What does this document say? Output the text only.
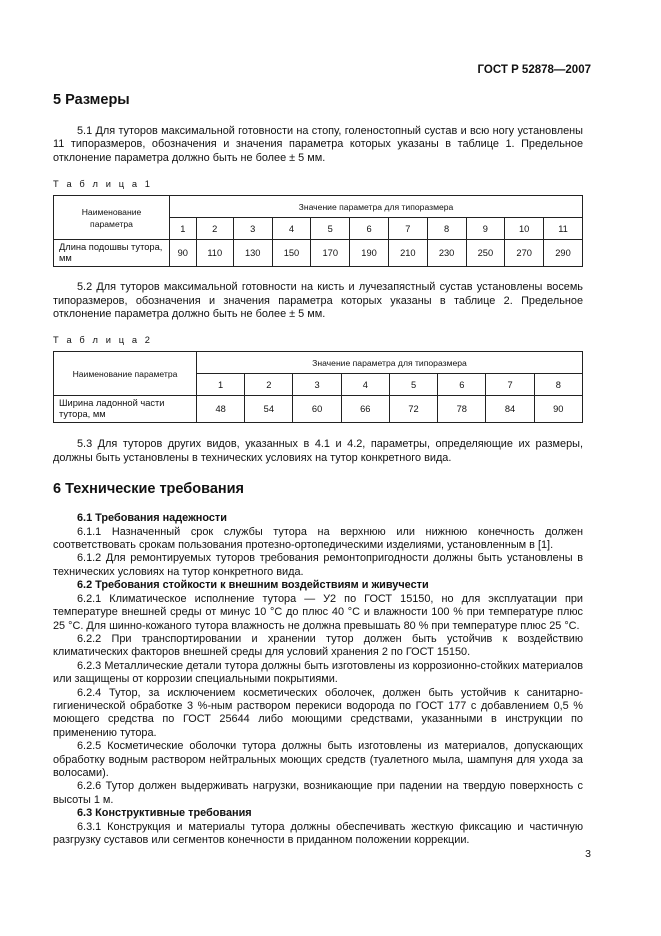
ГОСТ Р 52878—2007
5 Размеры

5.1 Для туторов максимальной готовности на стопу, голеностопный сустав и всю ногу установлены 11 типоразмеров, обозначения и значения параметра которых указаны в таблице 1. Предельное отклонение параметра должно быть не более ± 5 мм.

Т а б л и ц а 1
Наименование параметра	Значение параметра для типоразмера										
	1	2	3	4	5	6	7	8	9	10	11
Длина подошвы тутора, мм	90	110	130	150	170	190	210	230	250	270	290

5.2 Для туторов максимальной готовности на кисть и лучезапястный сустав установлены восемь типоразмеров, обозначения и значения параметра которых указаны в таблице 2. Предельное отклонение параметра должно быть не более ± 5 мм.

Т а б л и ц а 2
Наименование параметра	Значение параметра для типоразмера							
	1	2	3	4	5	6	7	8
Ширина ладонной части тутора, мм	48	54	60	66	72	78	84	90

5.3 Для туторов других видов, указанных в 4.1 и 4.2, параметры, определяющие их размеры, должны быть установлены в технических условиях на тутор конкретного вида.

6 Технические требования
6.1 Требования надежности

6.1.1 Назначенный срок службы тутора на верхнюю или нижнюю конечность должен соответствовать срокам пользования протезно-ортопедическими изделиями, установленным в [1].

6.1.2 Для ремонтируемых туторов требования ремонтопригодности должны быть установлены в технических условиях на тутор конкретного вида.

6.2 Требования стойкости к внешним воздействиям и живучести

6.2.1 Климатическое исполнение тутора — У2 по ГОСТ 15150, но для эксплуатации при температуре внешней среды от минус 10 °С до плюс 40 °С и влажности 100 % при температуре плюс 25 °С. Для шинно-кожаного тутора влажность не должна превышать 80 % при температуре плюс 25 °С.

6.2.2 При транспортировании и хранении тутор должен быть устойчив к воздействию климатических факторов внешней среды для условий хранения 2 по ГОСТ 15150.

6.2.3 Металлические детали тутора должны быть изготовлены из коррозионно-стойких материалов или защищены от коррозии специальными покрытиями.

6.2.4 Тутор, за исключением косметических оболочек, должен быть устойчив к санитарно-гигиенической обработке 3 %-ным раствором перекиси водорода по ГОСТ 177 с добавлением 0,5 % моющего средства по ГОСТ 25644 либо моющими средствами, указанными в инструкции по применению тутора.

6.2.5 Косметические оболочки тутора должны быть изготовлены из материалов, допускающих обработку водным раствором нейтральных моющих средств (туалетного мыла, шампуня для ухода за волосами).

6.2.6 Тутор должен выдерживать нагрузки, возникающие при падении на твердую поверхность с высоты 1 м.

6.3 Конструктивные требования

6.3.1 Конструкция и материалы тутора должны обеспечивать жесткую фиксацию и частичную разгрузку суставов или сегментов конечности в приданном положении коррекции.

3
